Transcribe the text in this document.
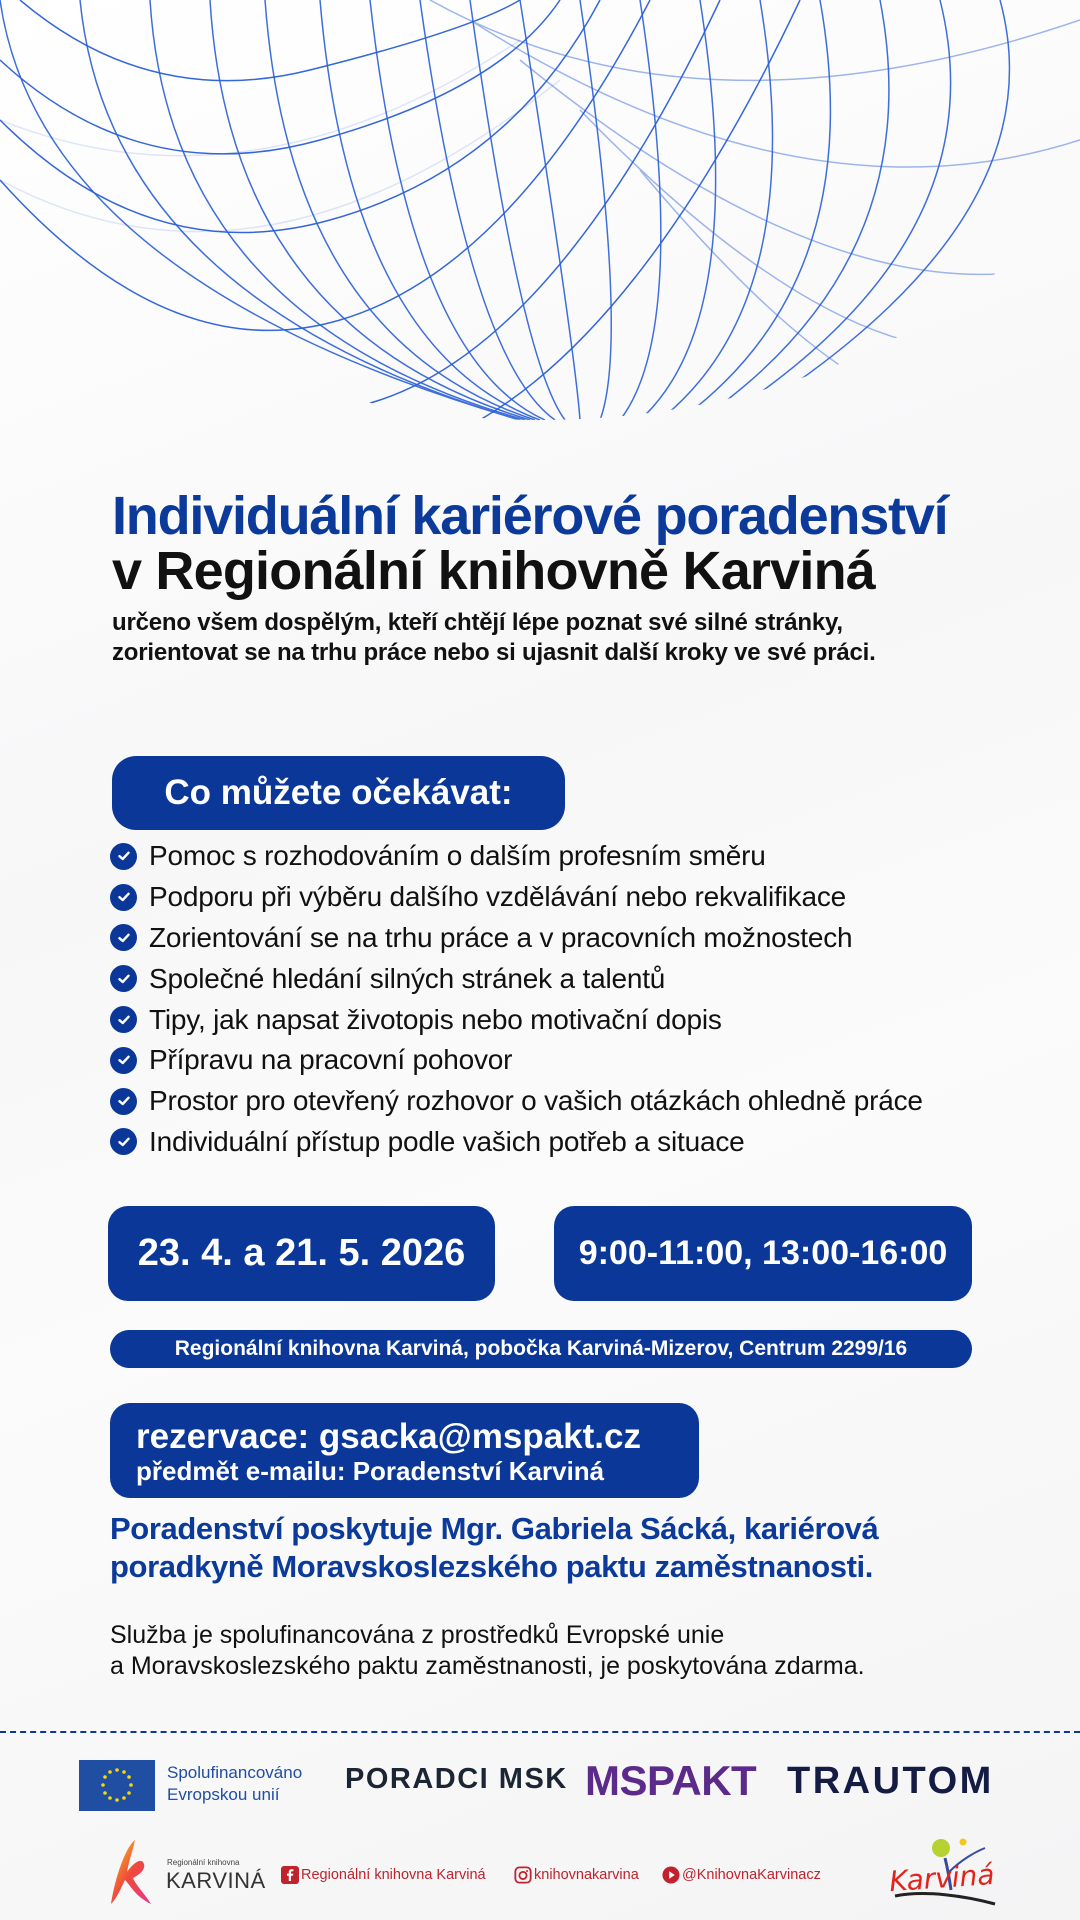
Individuální kariérové poradenství
v Regionální knihovně Karviná
určeno všem dospělým, kteří chtějí lépe poznat své silné stránky,
zorientovat se na trhu práce nebo si ujasnit další kroky ve své práci.
Co můžete očekávat:
Pomoc s rozhodováním o dalším profesním směru
Podporu při výběru dalšího vzdělávání nebo rekvalifikace
Zorientování se na trhu práce a v pracovních možnostech
Společné hledání silných stránek a talentů
Tipy, jak napsat životopis nebo motivační dopis
Přípravu na pracovní pohovor
Prostor pro otevřený rozhovor o vašich otázkách ohledně práce
Individuální přístup podle vašich potřeb a situace
23. 4. a 21. 5. 2026	9:00-11:00, 13:00-16:00
Regionální knihovna Karviná, pobočka Karviná-Mizerov, Centrum 2299/16
rezervace: gsacka@mspakt.cz
předmět e-mailu: Poradenství Karviná
Poradenství poskytuje Mgr. Gabriela Sácká, kariérová
poradkyně Moravskoslezského paktu zaměstnanosti.
Služba je spolufinancována z prostředků Evropské unie
a Moravskoslezského paktu zaměstnanosti, je poskytována zdarma.
Spolufinancováno
Evropskou unií	PORADCI MSK MSPAKT TRAUTOM
Regionální knihovna
KARVINÁ Regionální knihovna Karviná	knihovnakarvina	@KnihovnaKarvinacz Karviná
